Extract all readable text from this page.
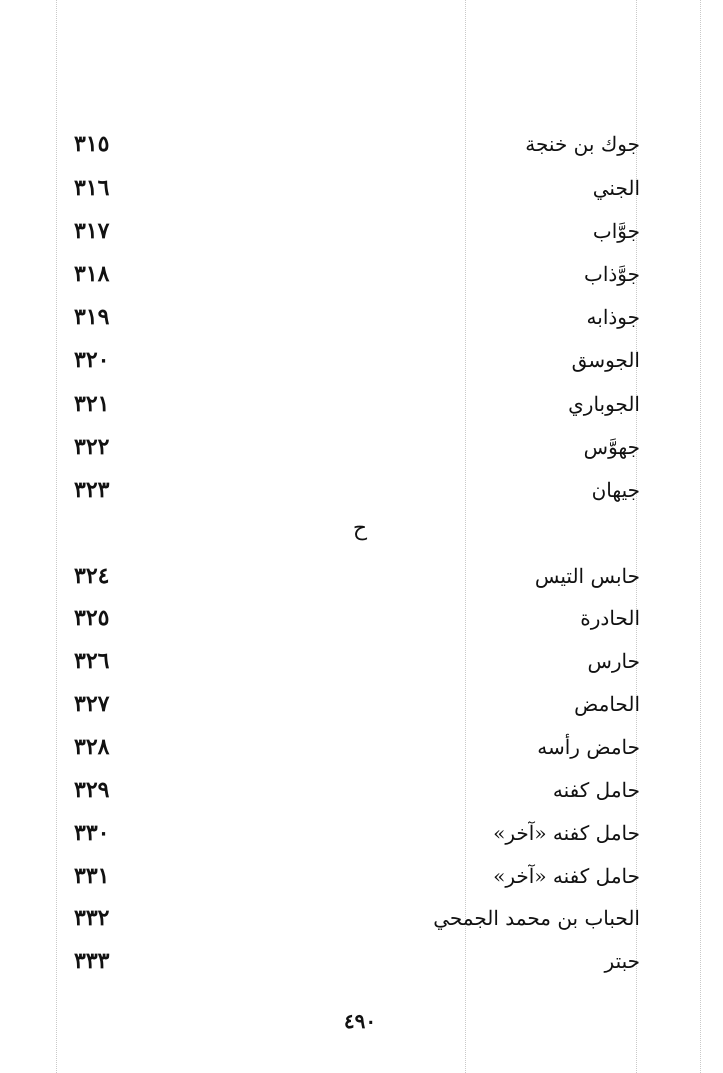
جوك بن خنجة
٣١٥
الجني
٣١٦
جوَّاب
٣١٧
جوَّذاب
٣١٨
جوذابه
٣١٩
الجوسق
٣٢٠
الجوباري
٣٢١
جهوَّس
٣٢٢
جيهان
٣٢٣
ح
حابس التيس
٣٢٤
الحادرة
٣٢٥
حارس
٣٢٦
الحامض
٣٢٧
حامض رأسه
٣٢٨
حامل كفنه
٣٢٩
حامل كفنه «آخر»
٣٣٠
حامل كفنه «آخر»
٣٣١
الحباب بن محمد الجمحي
٣٣٢
حبتر
٣٣٣
٤٩٠
